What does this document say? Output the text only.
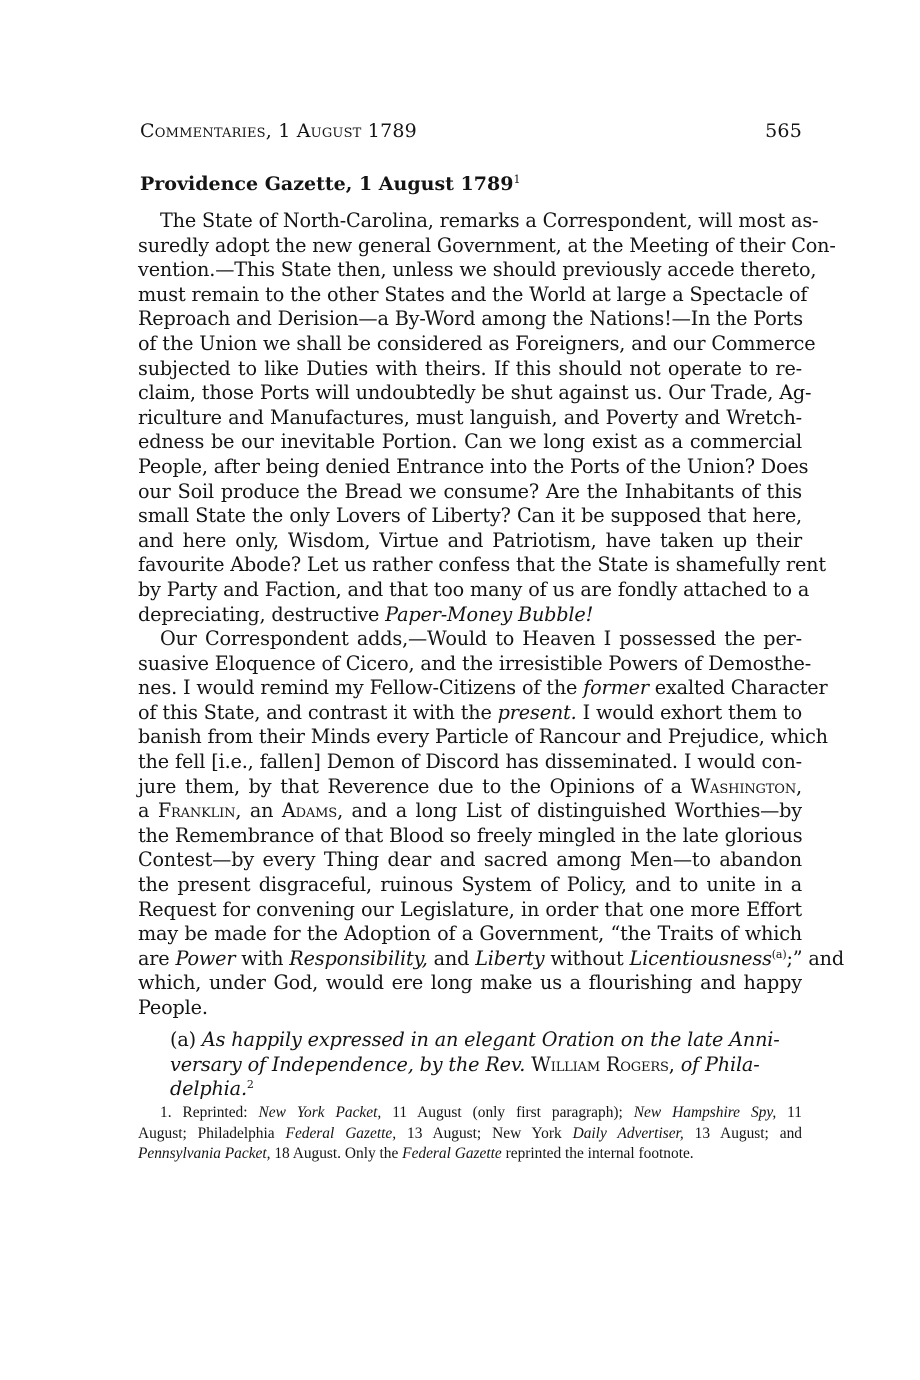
Commentaries, 1 August 1789	565
Providence Gazette, 1 August 1789$^1$
The State of North-Carolina, remarks a Correspondent, will most as-
suredly adopt the new general Government, at the Meeting of their Con-
vention.—This State then, unless we should previously accede thereto,
must remain to the other States and the World at large a Spectacle of
Reproach and Derision—a By-Word among the Nations!—In the Ports
of the Union we shall be considered as Foreigners, and our Commerce
subjected to like Duties with theirs. If this should not operate to re-
claim, those Ports will undoubtedly be shut against us. Our Trade, Ag-
riculture and Manufactures, must languish, and Poverty and Wretch-
edness be our inevitable Portion. Can we long exist as a commercial
People, after being denied Entrance into the Ports of the Union? Does
our Soil produce the Bread we consume? Are the Inhabitants of this
small State the only Lovers of Liberty? Can it be supposed that here,
and here only, Wisdom, Virtue and Patriotism, have taken up their
favourite Abode? Let us rather confess that the State is shamefully rent
by Party and Faction, and that too many of us are fondly attached to a
depreciating, destructive Paper-Money Bubble!
Our Correspondent adds,—Would to Heaven I possessed the per-
suasive Eloquence of Cicero, and the irresistible Powers of Demosthe-
nes. I would remind my Fellow-Citizens of the former exalted Character
of this State, and contrast it with the present. I would exhort them to
banish from their Minds every Particle of Rancour and Prejudice, which
the fell [i.e., fallen] Demon of Discord has disseminated. I would con-
jure them, by that Reverence due to the Opinions of a Washington,
a Franklin, an Adams, and a long List of distinguished Worthies—by
the Remembrance of that Blood so freely mingled in the late glorious
Contest—by every Thing dear and sacred among Men—to abandon
the present disgraceful, ruinous System of Policy, and to unite in a
Request for convening our Legislature, in order that one more Effort
may be made for the Adoption of a Government, “the Traits of which
are Power with Responsibility, and Liberty without Licentiousness$^{(a)}$;” and
which, under God, would ere long make us a flourishing and happy
People.
(a) As happily expressed in an elegant Oration on the late Anni-
versary of Independence, by the Rev. William Rogers, of Phila-
delphia.$^2$
1. Reprinted: New York Packet, 11 August (only first paragraph); New Hampshire Spy, 11
August; Philadelphia Federal Gazette, 13 August; New York Daily Advertiser, 13 August; and
Pennsylvania Packet, 18 August. Only the Federal Gazette reprinted the internal footnote.
